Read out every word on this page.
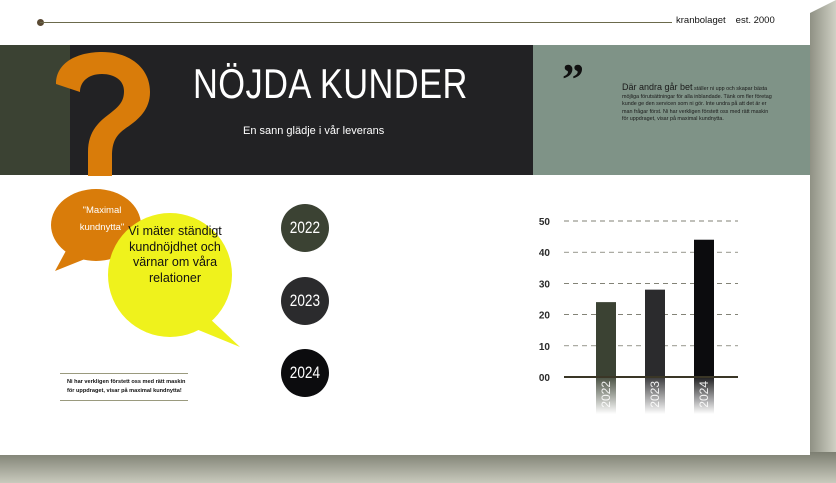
kranbolaget est. 2000
NÖJDA KUNDER
En sann glädje i vår leverans
”	Där andra går bet ställer ni upp och skapar bästa möjliga förutsättningar för alla inblandade. Tänk om fler företag kunde ge den servicen som ni gör. Inte undra på att det är er man frågar först. Ni har verkligen förstett oss med rätt maskin för uppdraget, visar på maximal kundnytta.
"Maximal kundnytta" Vi mäter ständigt kundnöjdhet och värnar om våra relationer
Ni har verkligen förstett oss med rätt maskin för uppdraget, visar på maximal kundnytta!
2022
2023
2024	00
10
20
30
40
50
2022	2023	2024
